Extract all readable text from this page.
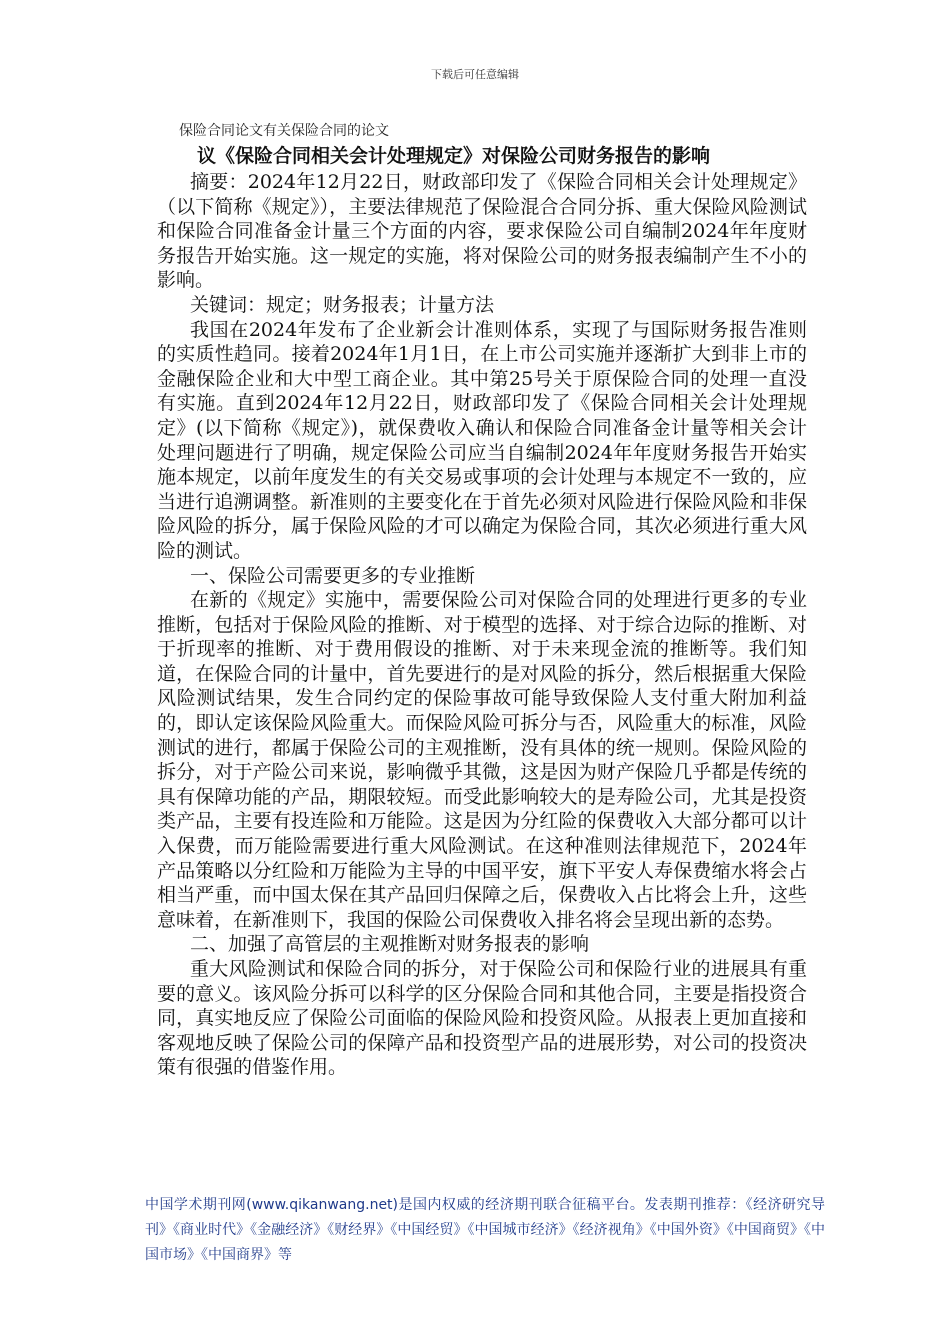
下载后可任意编辑
保险合同论文有关保险合同的论文
议《保险合同相关会计处理规定》对保险公司财务报告的影响

摘要：2024年12月22日，财政部印发了《保险合同相关会计处理规定》（以下简称《规定》），主要法律规范了保险混合合同分拆、重大保险风险测试和保险合同准备金计量三个方面的内容，要求保险公司自编制2024年年度财务报告开始实施。这一规定的实施，将对保险公司的财务报表编制产生不小的影响。

关键词：规定；财务报表；计量方法

我国在2024年发布了企业新会计准则体系，实现了与国际财务报告准则的实质性趋同。接着2024年1月1日，在上市公司实施并逐渐扩大到非上市的金融保险企业和大中型工商企业。其中第25号关于原保险合同的处理一直没有实施。直到2024年12月22日，财政部印发了《保险合同相关会计处理规定》(以下简称《规定》)，就保费收入确认和保险合同准备金计量等相关会计处理问题进行了明确，规定保险公司应当自编制2024年年度财务报告开始实施本规定，以前年度发生的有关交易或事项的会计处理与本规定不一致的，应当进行追溯调整。新准则的主要变化在于首先必须对风险进行保险风险和非保险风险的拆分，属于保险风险的才可以确定为保险合同，其次必须进行重大风险的测试。

一、保险公司需要更多的专业推断

在新的《规定》实施中，需要保险公司对保险合同的处理进行更多的专业推断，包括对于保险风险的推断、对于模型的选择、对于综合边际的推断、对于折现率的推断、对于费用假设的推断、对于未来现金流的推断等。我们知道，在保险合同的计量中，首先要进行的是对风险的拆分，然后根据重大保险风险测试结果，发生合同约定的保险事故可能导致保险人支付重大附加利益的，即认定该保险风险重大。而保险风险可拆分与否，风险重大的标准，风险测试的进行，都属于保险公司的主观推断，没有具体的统一规则。保险风险的拆分，对于产险公司来说，影响微乎其微，这是因为财产保险几乎都是传统的具有保障功能的产品，期限较短。而受此影响较大的是寿险公司，尤其是投资类产品，主要有投连险和万能险。这是因为分红险的保费收入大部分都可以计入保费，而万能险需要进行重大风险测试。在这种准则法律规范下，2024年产品策略以分红险和万能险为主导的中国平安，旗下平安人寿保费缩水将会占相当严重，而中国太保在其产品回归保障之后，保费收入占比将会上升，这些意味着，在新准则下，我国的保险公司保费收入排名将会呈现出新的态势。

二、加强了高管层的主观推断对财务报表的影响

重大风险测试和保险合同的拆分，对于保险公司和保险行业的进展具有重要的意义。该风险分拆可以科学的区分保险合同和其他合同，主要是指投资合同，真实地反应了保险公司面临的保险风险和投资风险。从报表上更加直接和客观地反映了保险公司的保障产品和投资型产品的进展形势，对公司的投资决策有很强的借鉴作用。

中国学术期刊网(www.qikanwang.net)是国内权威的经济期刊联合征稿平台。发表期刊推荐：《经济研究导刊》《商业时代》《金融经济》《财经界》《中国经贸》《中国城市经济》《经济视角》《中国外资》《中国商贸》《中国市场》《中国商界》等
